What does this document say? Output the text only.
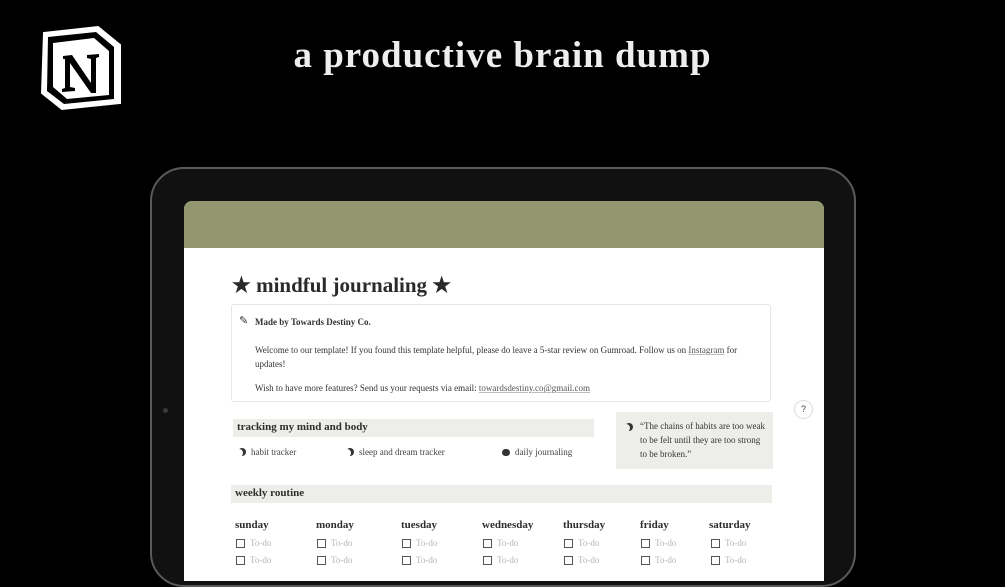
a productive brain dump
★ mindful journaling ★
✎ Made by Towards Destiny Co.
Welcome to our template! If you found this template helpful, please do leave a 5-star review on Gumroad. Follow us on Instagram for updates!
Wish to have more features? Send us your requests via email: towardsdestiny.co@gmail.com
?
tracking my mind and body
habit tracker	sleep and dream tracker	daily journaling
“The chains of habits are too weak to be felt until they are too strong to be broken.”
weekly routine
sunday	monday	tuesday	wednesday	thursday	friday	saturday
To-do	To-do	To-do	To-do	To-do	To-do	To-do
To-do	To-do	To-do	To-do	To-do	To-do	To-do
